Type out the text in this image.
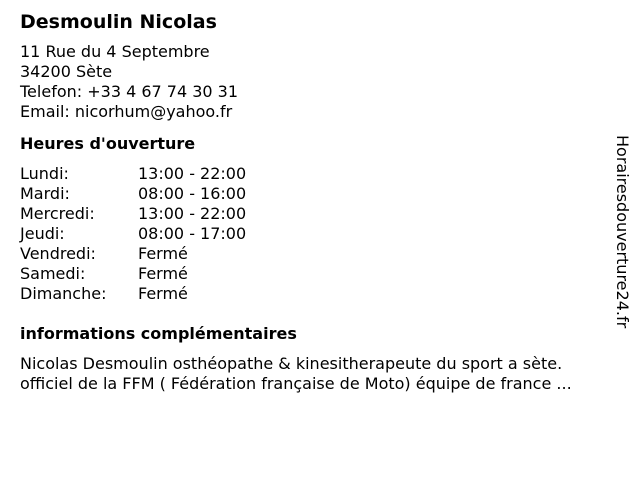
Desmoulin Nicolas
11 Rue du 4 Septembre
34200 Sète
Telefon: +33 4 67 74 30 31
Email: nicorhum@yahoo.fr
Heures d'ouverture
Lundi:	13:00 - 22:00
Mardi:	08:00 - 16:00
Mercredi:	13:00 - 22:00
Jeudi:	08:00 - 17:00
Vendredi:	Fermé
Samedi:	Fermé
Dimanche:	Fermé
informations complémentaires
Nicolas Desmoulin osthéopathe & kinesitherapeute du sport a sète.
officiel de la FFM ( Fédération française de Moto) équipe de france ...
Horairesdouverture24.fr
